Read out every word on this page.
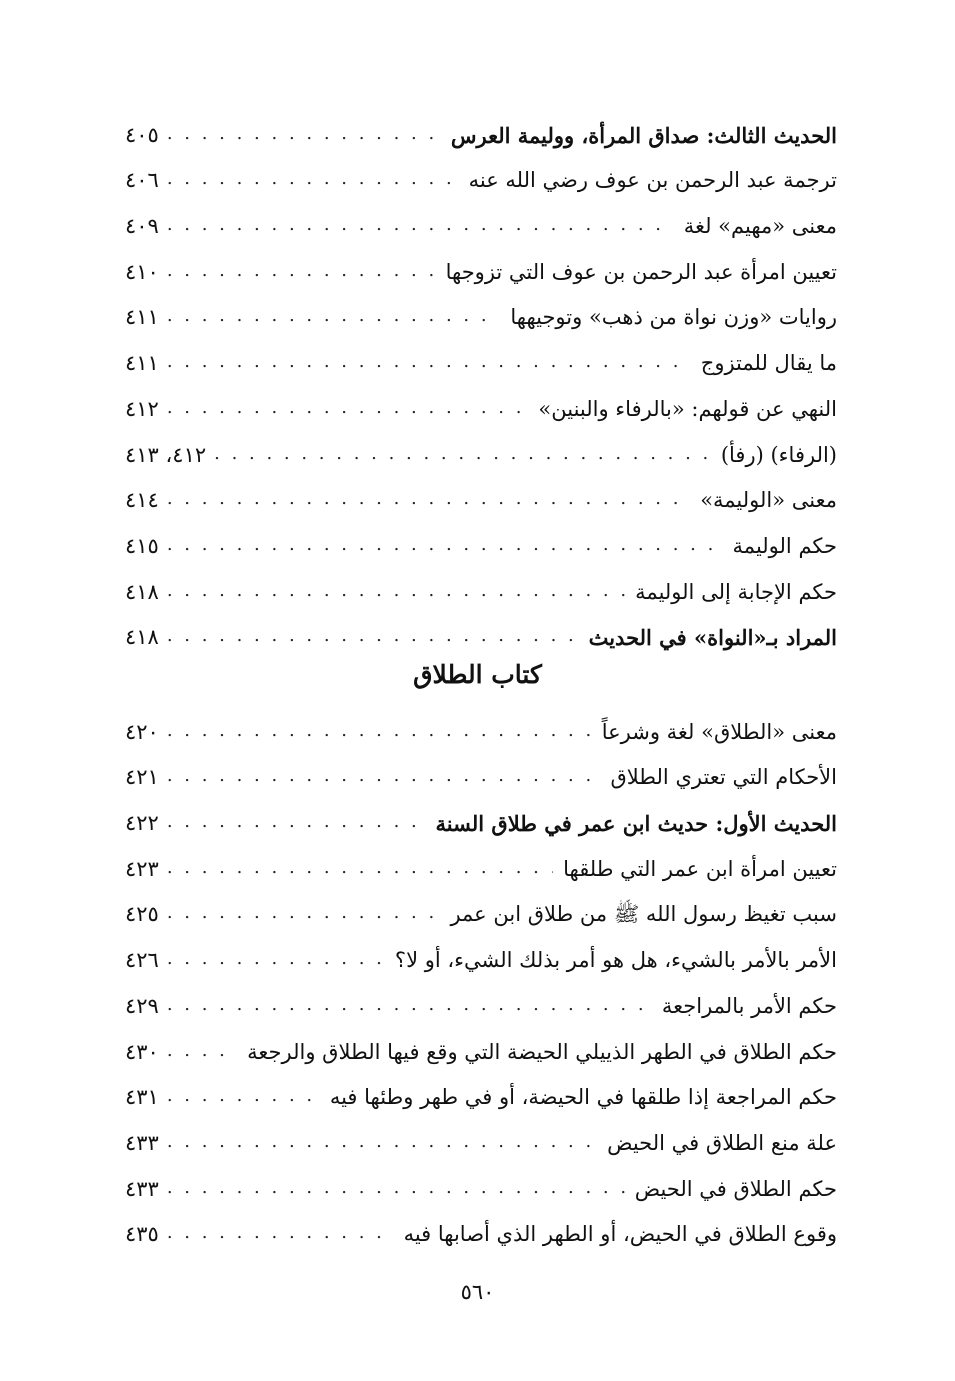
الحديث الثالث: صداق المرأة، ووليمة العرس
. . .
٤٠٥
ترجمة عبد الرحمن بن عوف رضي الله عنه
. . .
٤٠٦
معنى «مهيم» لغة
. . .
٤٠٩
تعيين امرأة عبد الرحمن بن عوف التي تزوجها
. . .
٤١٠
روايات «وزن نواة من ذهب» وتوجيهها
. . .
٤١١
ما يقال للمتزوج
. . .
٤١١
النهي عن قولهم: «بالرفاء والبنين»
. . .
٤١٢
(الرفاء) (رفأ)
. . .
٤١٢، ٤١٣
معنى «الوليمة»
. . .
٤١٤
حكم الوليمة
. . .
٤١٥
حكم الإجابة إلى الوليمة
. . .
٤١٨
المراد بـ«النواة» في الحديث
. . .
٤١٨
كتاب الطلاق
معنى «الطلاق» لغة وشرعاً
. . .
٤٢٠
الأحكام التي تعتري الطلاق
. . .
٤٢١
الحديث الأول: حديث ابن عمر في طلاق السنة
. . .
٤٢٢
تعيين امرأة ابن عمر التي طلقها
. . .
٤٢٣
سبب تغيظ رسول الله ﷺ من طلاق ابن عمر
. . .
٤٢٥
الأمر بالأمر بالشيء، هل هو أمر بذلك الشيء، أو لا؟
. . .
٤٢٦
حكم الأمر بالمراجعة
. . .
٤٢٩
حكم الطلاق في الطهر الذييلي الحيضة التي وقع فيها الطلاق والرجعة
. . .
٤٣٠
حكم المراجعة إذا طلقها في الحيضة، أو في طهر وطئها فيه
. . .
٤٣١
علة منع الطلاق في الحيض
. . .
٤٣٣
حكم الطلاق في الحيض
. . .
٤٣٣
وقوع الطلاق في الحيض، أو الطهر الذي أصابها فيه
. . .
٤٣٥
٥٦٠
